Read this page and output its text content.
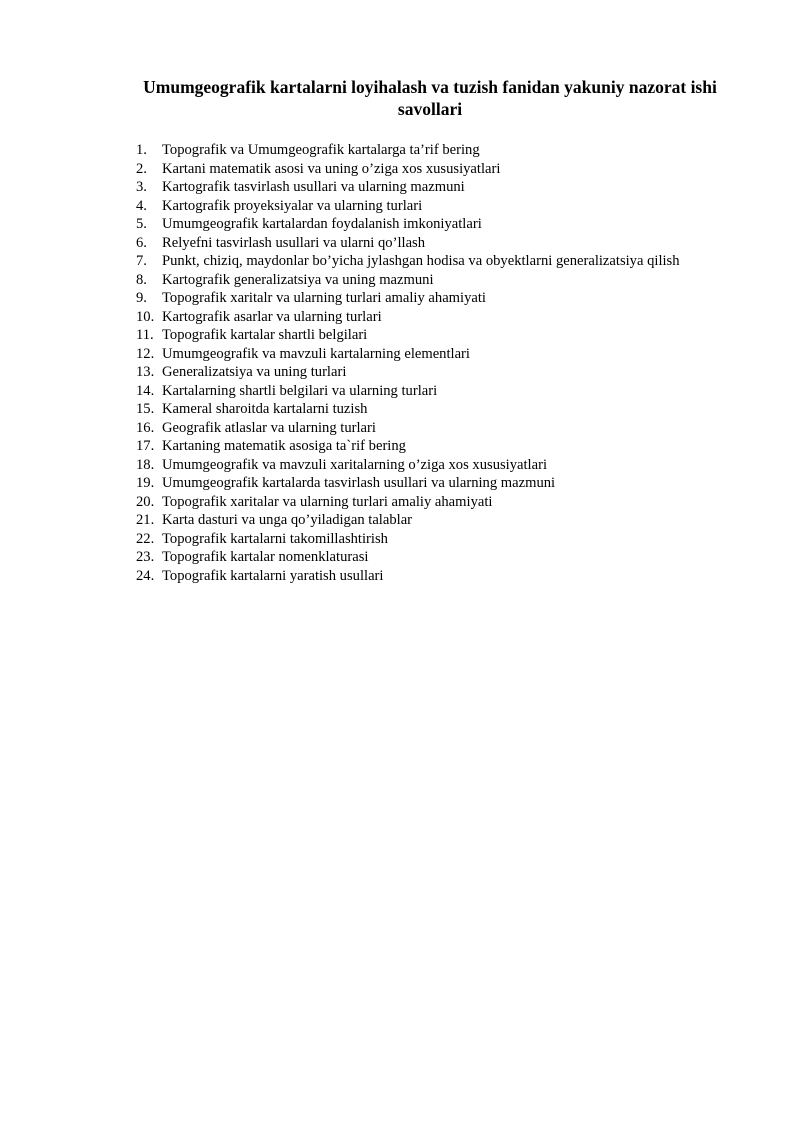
Umumgeografik kartalarni loyihalash va tuzish fanidan yakuniy nazorat ishi savollari
1.	Topografik va Umumgeografik kartalarga ta’rif bering
2.	Kartani matematik asosi va uning o’ziga xos xususiyatlari
3.	Kartografik tasvirlash usullari va ularning mazmuni
4.	Kartografik proyeksiyalar va ularning turlari
5.	Umumgeografik kartalardan foydalanish imkoniyatlari
6.	Relyefni tasvirlash usullari va ularni qo’llash
7.	Punkt, chiziq, maydonlar bo’yicha jylashgan hodisa va obyektlarni generalizatsiya qilish
8.	Kartografik generalizatsiya va uning mazmuni
9.	Topografik xaritalr va ularning turlari amaliy ahamiyati
10. Kartografik asarlar va ularning turlari
11. Topografik kartalar shartli belgilari
12. Umumgeografik va mavzuli kartalarning elementlari
13. Generalizatsiya va uning turlari
14. Kartalarning shartli belgilari va ularning turlari
15. Kameral sharoitda kartalarni tuzish
16. Geografik atlaslar va ularning turlari
17. Kartaning matematik asosiga ta`rif bering
18. Umumgeografik va mavzuli xaritalarning o’ziga xos xususiyatlari
19. Umumgeografik kartalarda tasvirlash usullari va ularning mazmuni
20. Topografik xaritalar va ularning turlari amaliy ahamiyati
21. Karta dasturi va unga qo’yiladigan talablar
22. Topografik kartalarni takomillashtirish
23. Topografik kartalar nomenklaturasi
24. Topografik kartalarni yaratish usullari
